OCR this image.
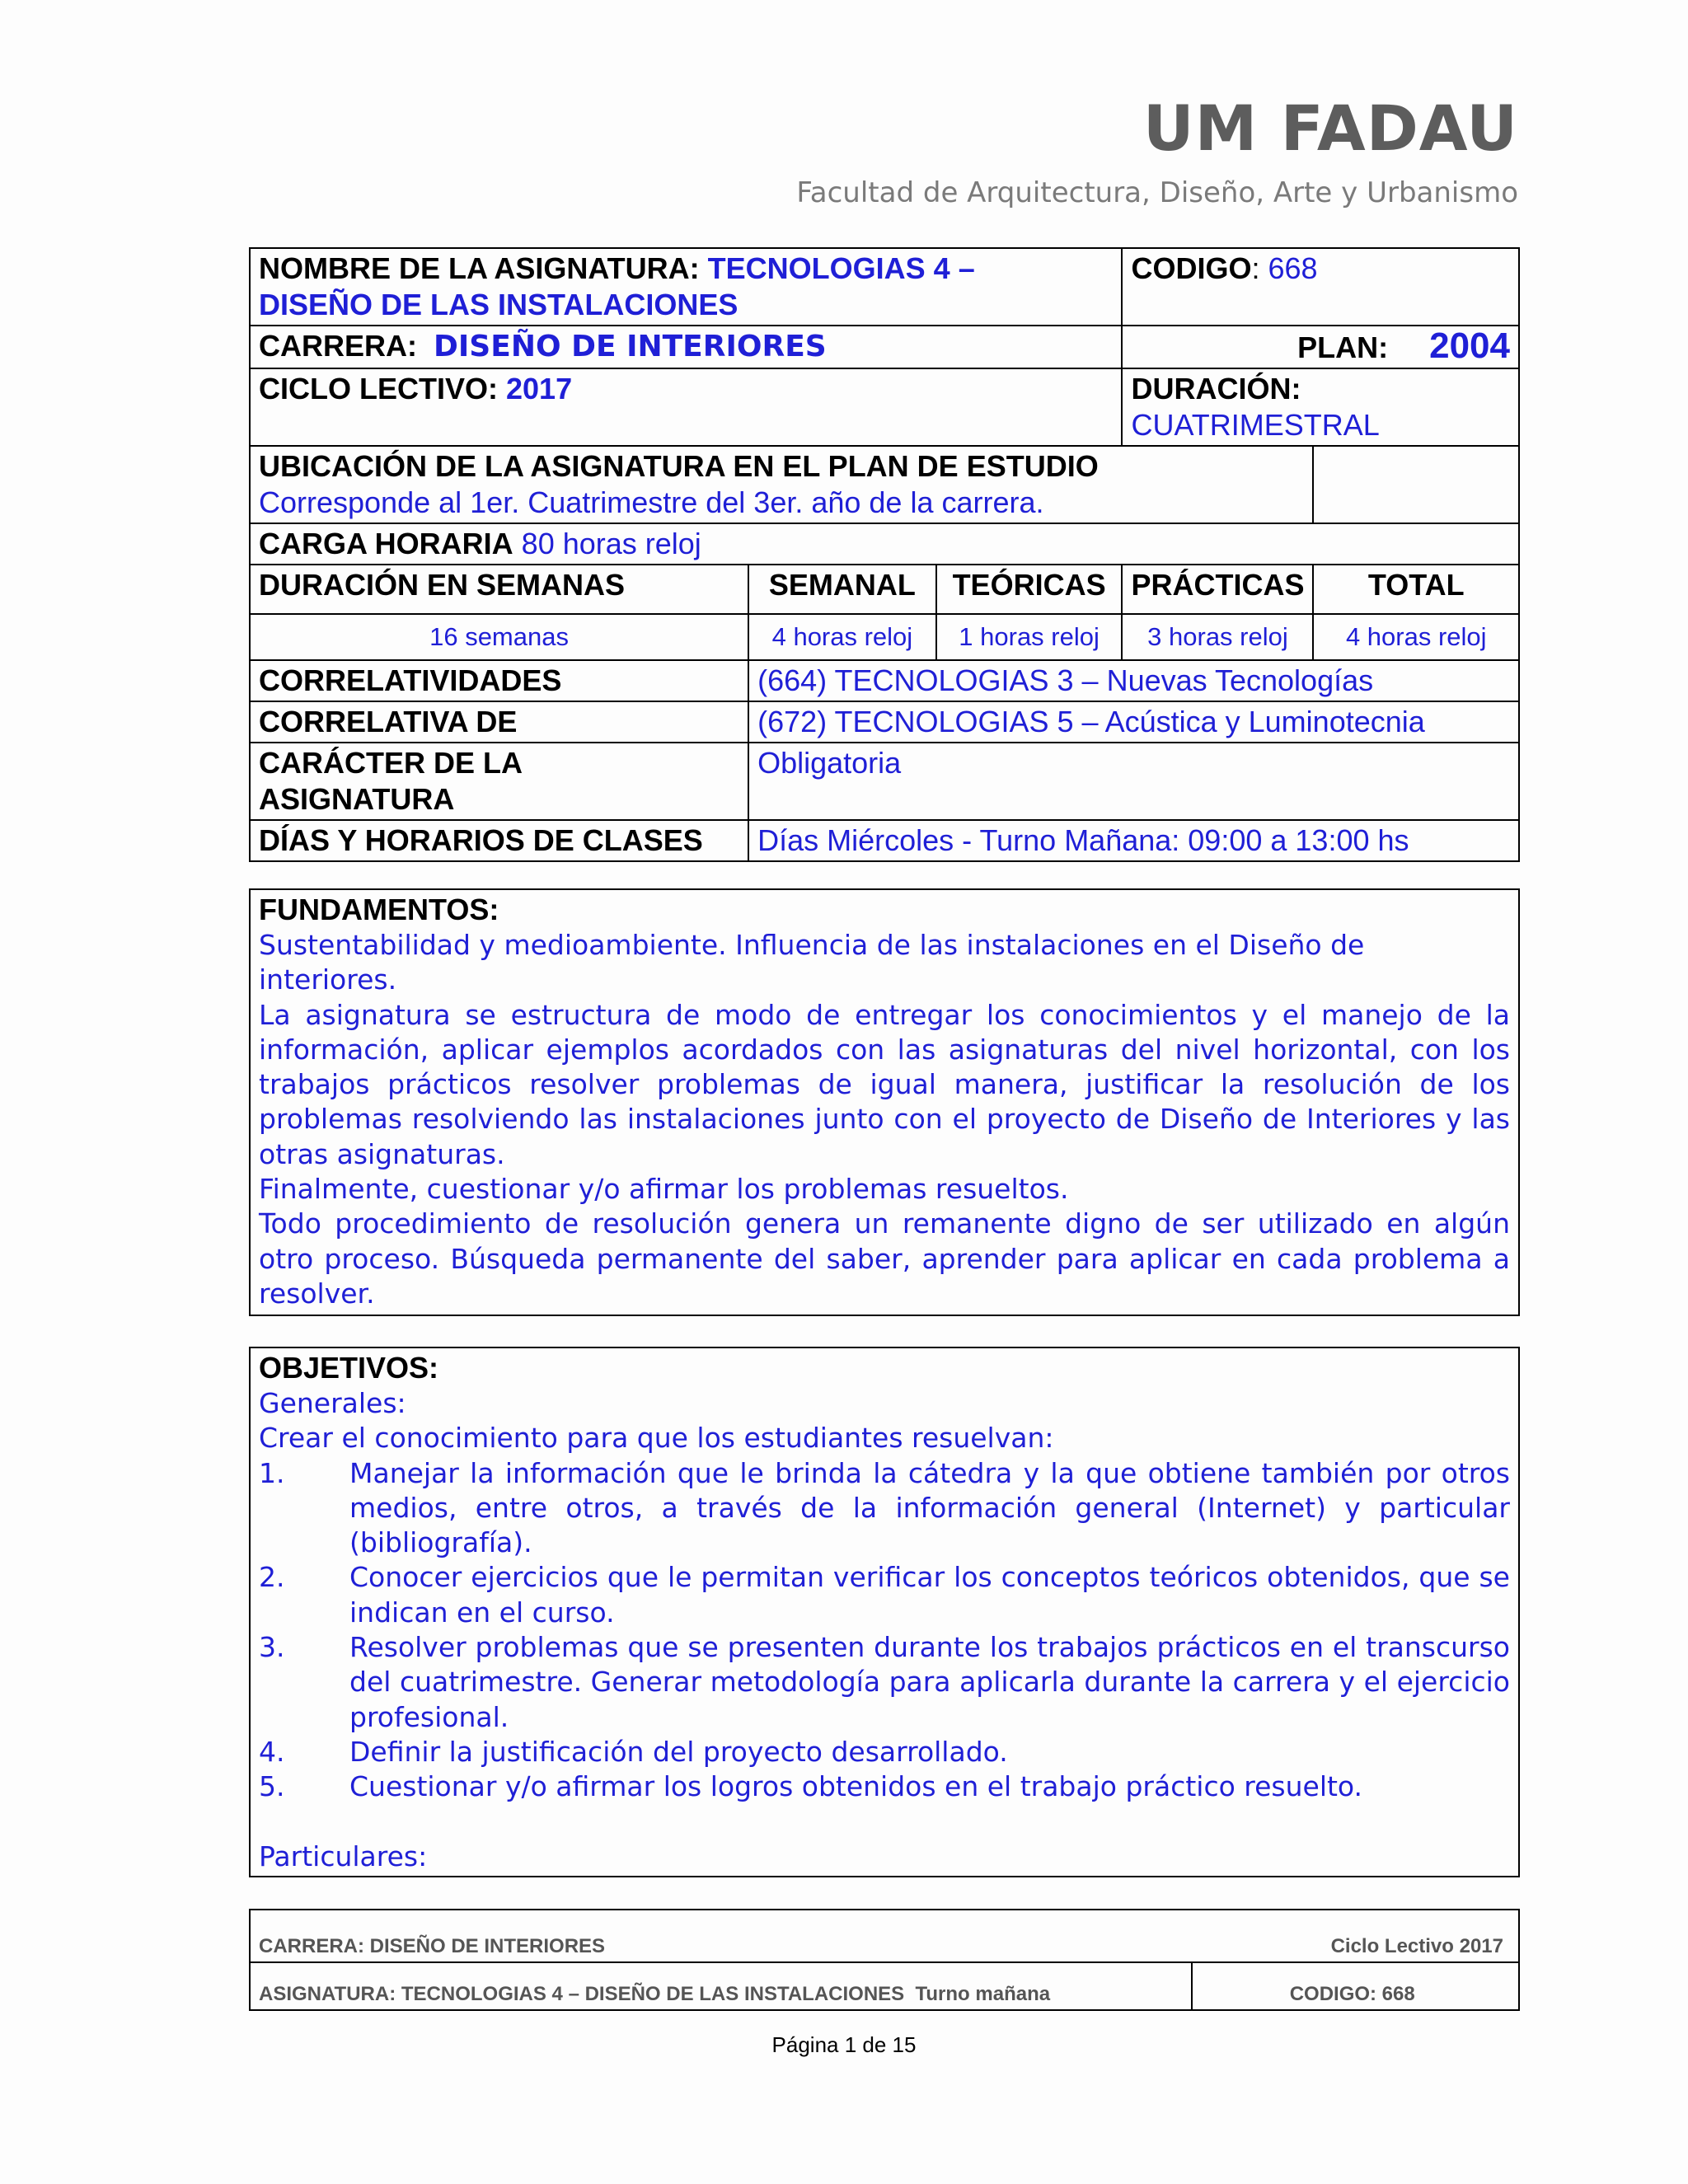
UM FADAU
Facultad de Arquitectura, Diseño, Arte y Urbanismo
NOMBRE DE LA ASIGNATURA: TECNOLOGIAS 4 –
DISEÑO DE LAS INSTALACIONES			CODIGO: 668	
CARRERA: DISEÑO DE INTERIORES			PLAN: 2004	
CICLO LECTIVO: 2017			DURACIÓN:
CUATRIMESTRAL	
UBICACIÓN DE LA ASIGNATURA EN EL PLAN DE ESTUDIO
Corresponde al 1er. Cuatrimestre del 3er. año de la carrera.				
CARGA HORARIA 80 horas reloj				
DURACIÓN EN SEMANAS	SEMANAL	TEÓRICAS	PRÁCTICAS	TOTAL
16 semanas	4 horas reloj	1 horas reloj	3 horas reloj	4 horas reloj
CORRELATIVIDADES	(664) TECNOLOGIAS 3 – Nuevas Tecnologías			
CORRELATIVA DE	(672) TECNOLOGIAS 5 – Acústica y Luminotecnia			
CARÁCTER DE LA
ASIGNATURA	Obligatoria			
DÍAS Y HORARIOS DE CLASES	Días Miércoles - Turno Mañana: 09:00 a 13:00 hs			
FUNDAMENTOS:

Sustentabilidad y medioambiente. Influencia de las instalaciones en el Diseño de interiores.

La asignatura se estructura de modo de entregar los conocimientos y el manejo de la información, aplicar ejemplos acordados con las asignaturas del nivel horizontal, con los trabajos prácticos resolver problemas de igual manera, justificar la resolución de los problemas resolviendo las instalaciones junto con el proyecto de Diseño de Interiores y las otras asignaturas.

Finalmente, cuestionar y/o afirmar los problemas resueltos.

Todo procedimiento de resolución genera un remanente digno de ser utilizado en algún otro proceso. Búsqueda permanente del saber, aprender para aplicar en cada problema a resolver.

OBJETIVOS:

Generales:

Crear el conocimiento para que los estudiantes resuelvan:

1. Manejar la información que le brinda la cátedra y la que obtiene también por otros medios, entre otros, a través de la información general (Internet) y particular (bibliografía).

2. Conocer ejercicios que le permitan verificar los conceptos teóricos obtenidos, que se indican en el curso.

3. Resolver problemas que se presenten durante los trabajos prácticos en el transcurso del cuatrimestre. Generar metodología para aplicarla durante la carrera y el ejercicio profesional.

4. Definir la justificación del proyecto desarrollado.

5. Cuestionar y/o afirmar los logros obtenidos en el trabajo práctico resuelto.

Particulares:

CARRERA: DISEÑO DE INTERIORES	Ciclo Lectivo 2017
ASIGNATURA: TECNOLOGIAS 4 – DISEÑO DE LAS INSTALACIONES Turno mañana	CODIGO: 668
Página 1 de 15
